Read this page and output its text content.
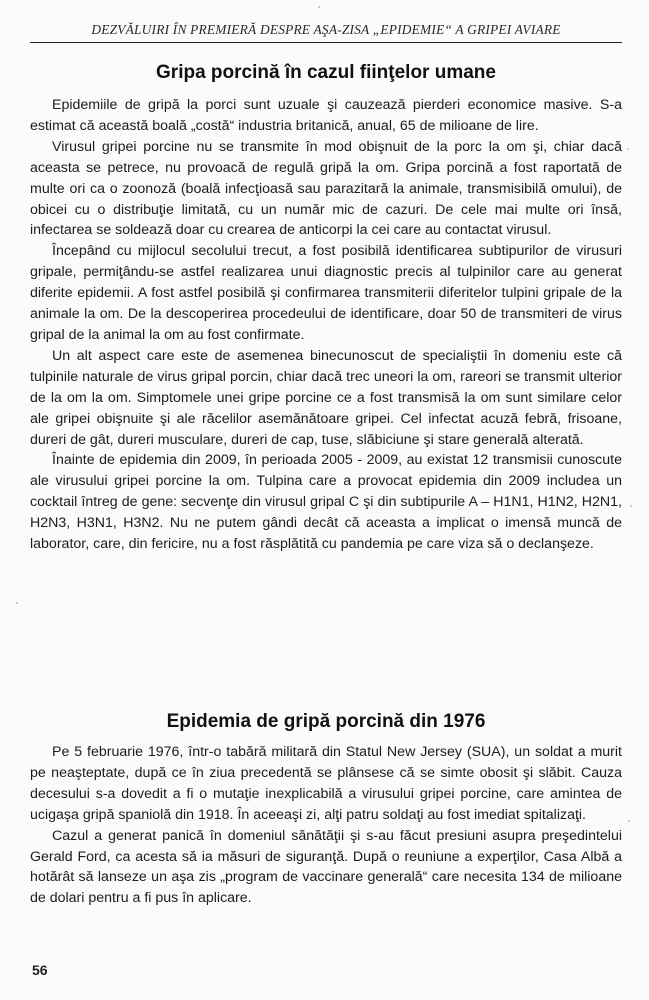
DEZVĂLUIRI ÎN PREMIERĂ DESPRE AŞA-ZISA „EPIDEMIE“ A GRIPEI AVIARE
Gripa porcină în cazul fiinţelor umane

Epidemiile de gripă la porci sunt uzuale şi cauzează pierderi economice masive. S-a estimat că această boală „costă“ industria britanică, anual, 65 de milioane de lire.

Virusul gripei porcine nu se transmite în mod obişnuit de la porc la om şi, chiar dacă aceasta se petrece, nu provoacă de regulă gripă la om. Gripa porcină a fost raportată de multe ori ca o zoonoză (boală infecţioasă sau parazitară la animale, transmisibilă omului), de obicei cu o distribuţie limitată, cu un număr mic de cazuri. De cele mai multe ori însă, infectarea se soldează doar cu crearea de anticorpi la cei care au contactat virusul.

Începând cu mijlocul secolului trecut, a fost posibilă identificarea subtipurilor de virusuri gripale, permiţându-se astfel realizarea unui diagnostic precis al tulpinilor care au generat diferite epidemii. A fost astfel posibilă şi confirmarea transmiterii diferitelor tulpini gripale de la animale la om. De la descoperirea procedeului de identificare, doar 50 de transmiteri de virus gripal de la animal la om au fost confirmate.

Un alt aspect care este de asemenea binecunoscut de specialiştii în domeniu este că tulpinile naturale de virus gripal porcin, chiar dacă trec uneori la om, rareori se transmit ulterior de la om la om. Simptomele unei gripe porcine ce a fost transmisă la om sunt similare celor ale gripei obişnuite şi ale răcelilor asemănătoare gripei. Cel infectat acuză febră, frisoane, dureri de gât, dureri musculare, dureri de cap, tuse, slăbiciune şi stare generală alterată.

Înainte de epidemia din 2009, în perioada 2005 - 2009, au existat 12 transmisii cunoscute ale virusului gripei porcine la om. Tulpina care a provocat epidemia din 2009 includea un cocktail întreg de gene: secvenţe din virusul gripal C şi din subtipurile A – H1N1, H1N2, H2N1, H2N3, H3N1, H3N2. Nu ne putem gândi decât că aceasta a implicat o imensă muncă de laborator, care, din fericire, nu a fost răsplătită cu pandemia pe care viza să o declanşeze.

Epidemia de gripă porcină din 1976

Pe 5 februarie 1976, într-o tabără militară din Statul New Jersey (SUA), un soldat a murit pe neaşteptate, după ce în ziua precedentă se plânsese că se simte obosit şi slăbit. Cauza decesului s-a dovedit a fi o mutaţie inexplicabilă a virusului gripei porcine, care amintea de ucigaşa gripă spaniolă din 1918. În aceeaşi zi, alţi patru soldaţi au fost imediat spitalizaţi.

Cazul a generat panică în domeniul sănătăţii şi s-au făcut presiuni asupra preşedintelui Gerald Ford, ca acesta să ia măsuri de siguranţă. După o reuniune a experţilor, Casa Albă a hotărât să lanseze un aşa zis „program de vaccinare generală“ care necesita 134 de milioane de dolari pentru a fi pus în aplicare.

56
